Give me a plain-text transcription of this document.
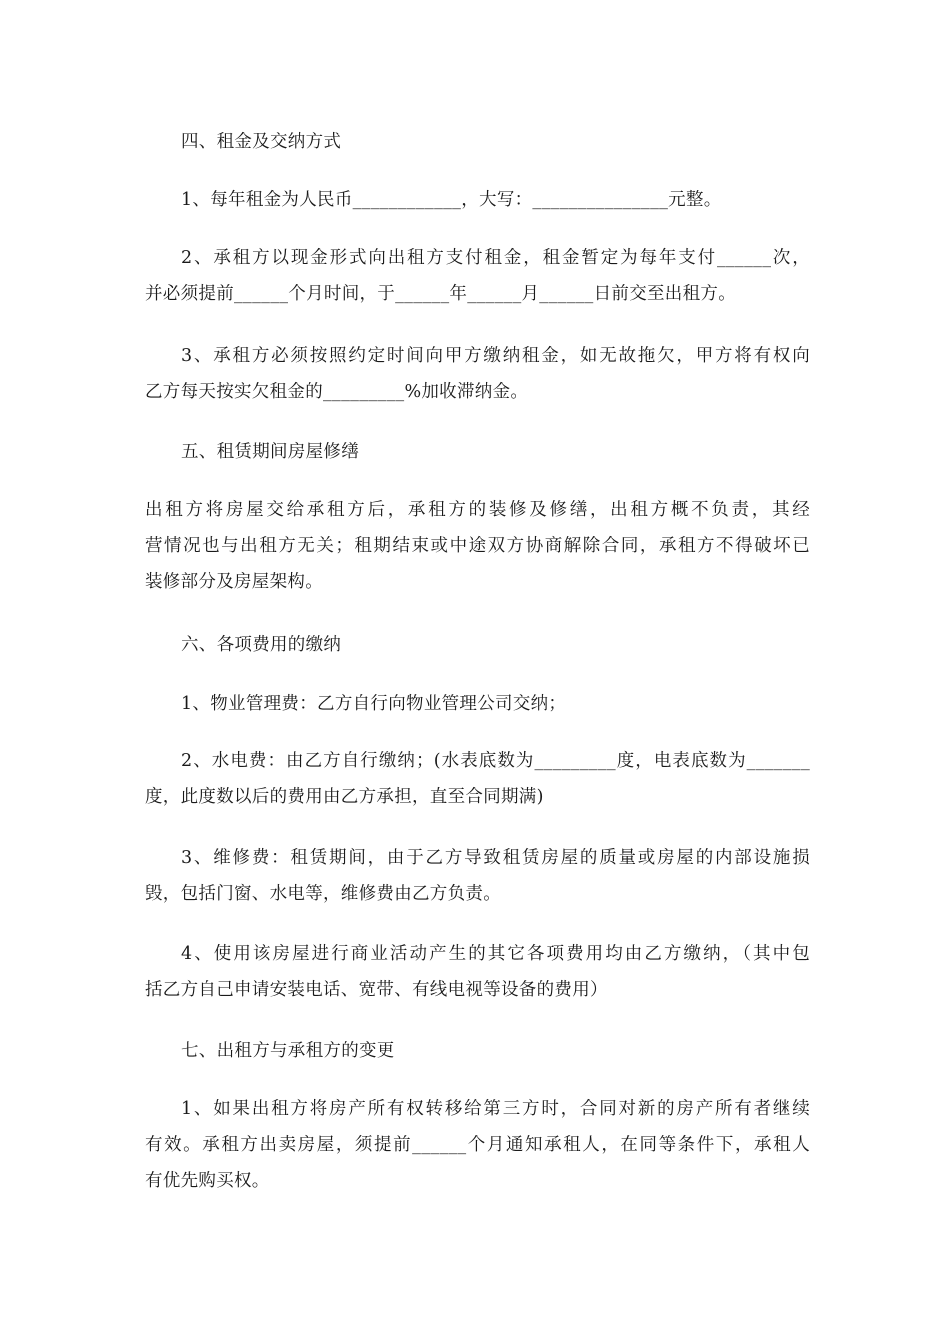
四、租金及交纳方式

1、每年租金为人民币____________，大写：_______________元整。

2、承租方以现金形式向出租方支付租金，租金暂定为每年支付______次，
并必须提前______个月时间，于______年______月______日前交至出租方。

3、承租方必须按照约定时间向甲方缴纳租金，如无故拖欠，甲方将有权向
乙方每天按实欠租金的_________%加收滞纳金。

五、租赁期间房屋修缮

出租方将房屋交给承租方后，承租方的装修及修缮，出租方概不负责，其经
营情况也与出租方无关；租期结束或中途双方协商解除合同，承租方不得破坏已
装修部分及房屋架构。

六、各项费用的缴纳

1、物业管理费：乙方自行向物业管理公司交纳；

2、水电费：由乙方自行缴纳；(水表底数为_________度，电表底数为_______
度，此度数以后的费用由乙方承担，直至合同期满)

3、维修费：租赁期间，由于乙方导致租赁房屋的质量或房屋的内部设施损
毁，包括门窗、水电等，维修费由乙方负责。

4、使用该房屋进行商业活动产生的其它各项费用均由乙方缴纳，（其中包
括乙方自己申请安装电话、宽带、有线电视等设备的费用）

七、出租方与承租方的变更

1、如果出租方将房产所有权转移给第三方时，合同对新的房产所有者继续
有效。承租方出卖房屋，须提前______个月通知承租人，在同等条件下，承租人
有优先购买权。
